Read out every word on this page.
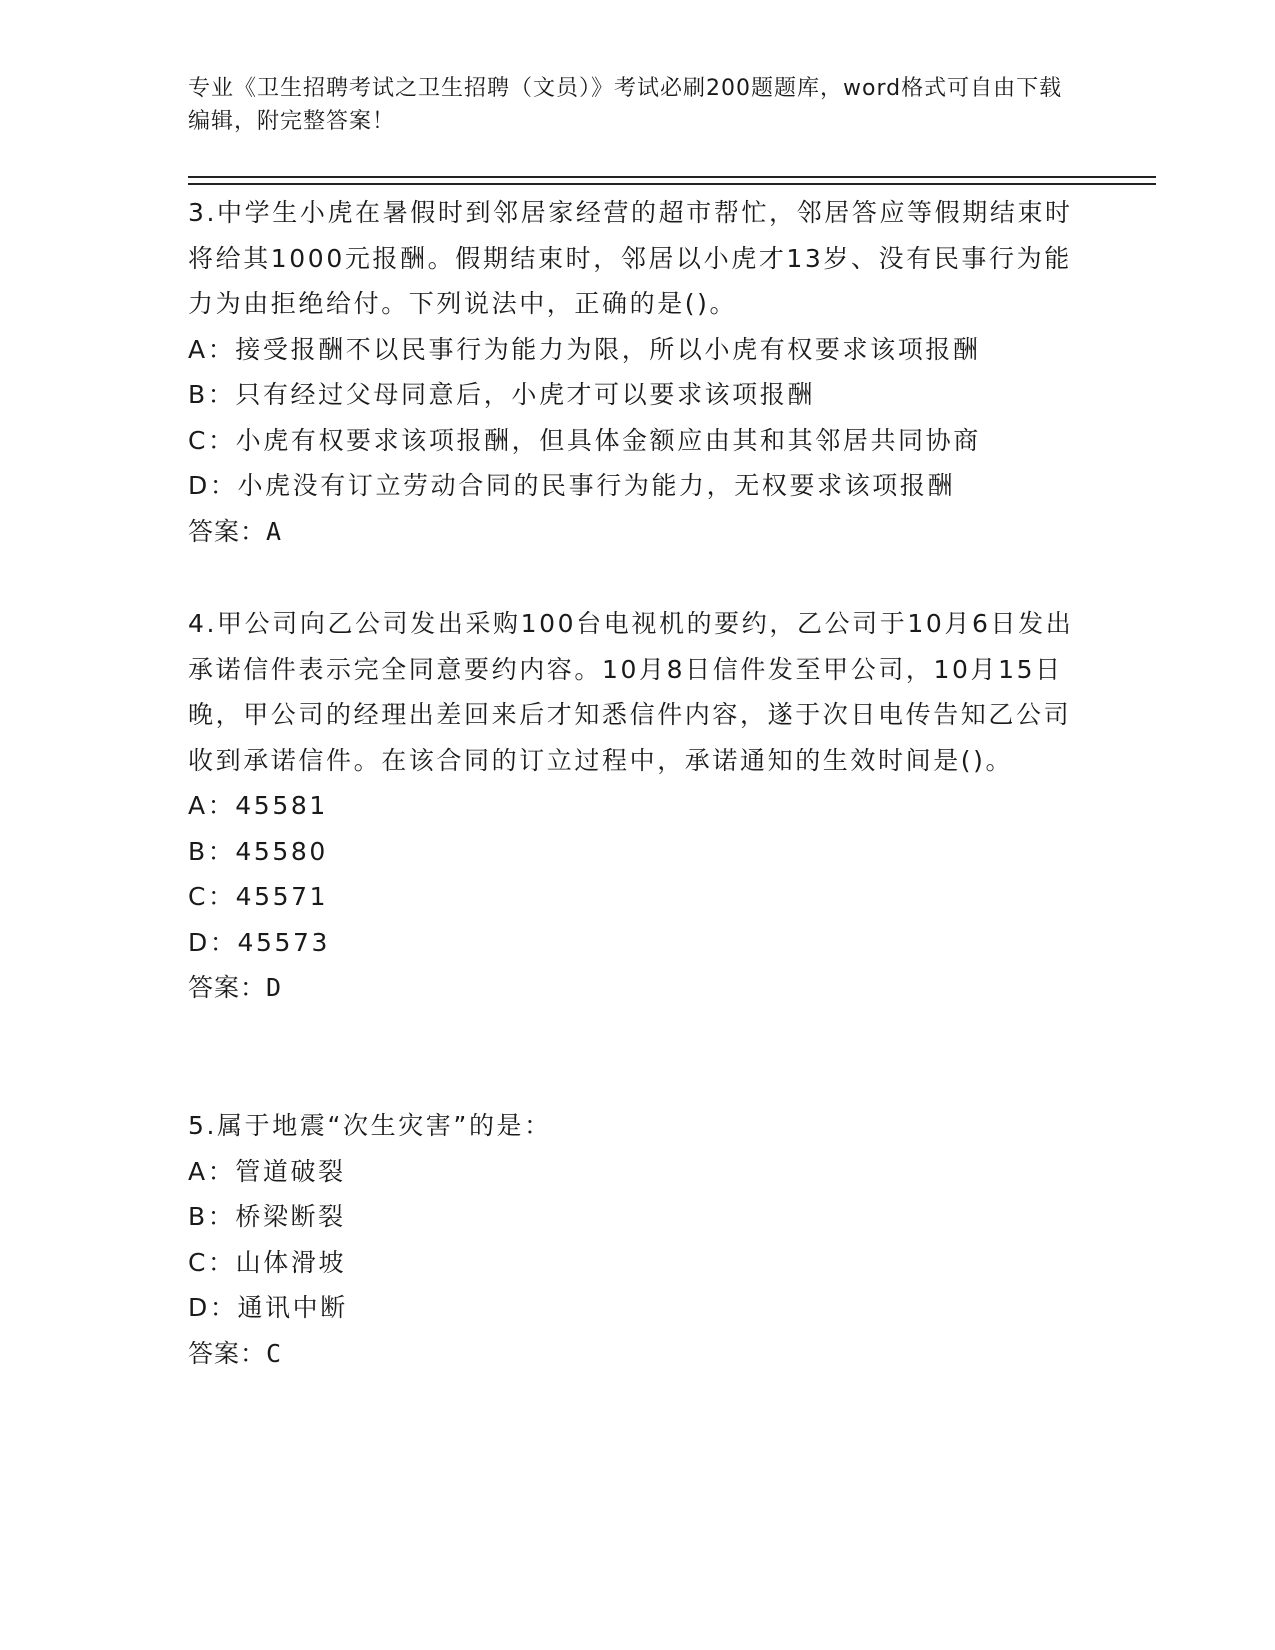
专业《卫生招聘考试之卫生招聘（文员）》考试必刷200题题库，word格式可自由下载编辑，附完整答案！
3.中学生小虎在暑假时到邻居家经营的超市帮忙，邻居答应等假期结束时将给其1000元报酬。假期结束时，邻居以小虎才13岁、没有民事行为能力为由拒绝给付。下列说法中，正确的是()。
A：接受报酬不以民事行为能力为限，所以小虎有权要求该项报酬
B：只有经过父母同意后，小虎才可以要求该项报酬
C：小虎有权要求该项报酬，但具体金额应由其和其邻居共同协商
D：小虎没有订立劳动合同的民事行为能力，无权要求该项报酬
答案：A
4.甲公司向乙公司发出采购100台电视机的要约，乙公司于10月6日发出承诺信件表示完全同意要约内容。10月8日信件发至甲公司，10月15日晚，甲公司的经理出差回来后才知悉信件内容，遂于次日电传告知乙公司收到承诺信件。在该合同的订立过程中，承诺通知的生效时间是()。
A：45581
B：45580
C：45571
D：45573
答案：D
5.属于地震“次生灾害”的是：
A：管道破裂
B：桥梁断裂
C：山体滑坡
D：通讯中断
答案：C
